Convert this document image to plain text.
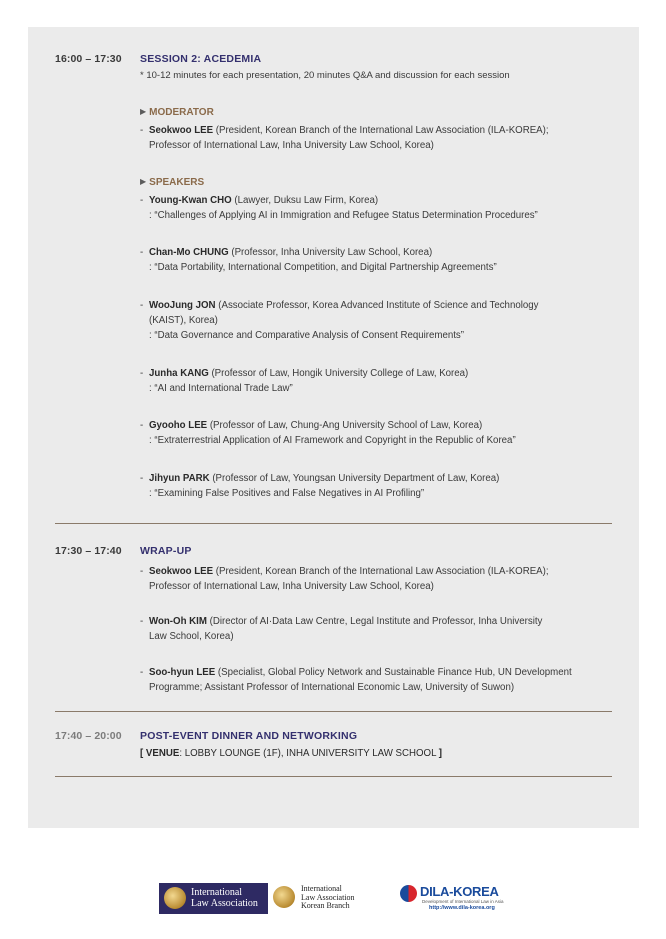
16:00 – 17:30 SESSION 2: ACEDEMIA
* 10-12 minutes for each presentation, 20 minutes Q&A and discussion for each session
▶ MODERATOR
- Seokwoo LEE (President, Korean Branch of the International Law Association (ILA-KOREA);
Professor of International Law, Inha University Law School, Korea)
▶ SPEAKERS
- Young-Kwan CHO (Lawyer, Duksu Law Firm, Korea)
: “Challenges of Applying AI in Immigration and Refugee Status Determination Procedures”
- Chan-Mo CHUNG (Professor, Inha University Law School, Korea)
: “Data Portability, International Competition, and Digital Partnership Agreements”
- WooJung JON (Associate Professor, Korea Advanced Institute of Science and Technology
(KAIST), Korea)
: “Data Governance and Comparative Analysis of Consent Requirements”
- Junha KANG (Professor of Law, Hongik University College of Law, Korea)
: “AI and International Trade Law”
- Gyooho LEE (Professor of Law, Chung-Ang University School of Law, Korea)
: “Extraterrestrial Application of AI Framework and Copyright in the Republic of Korea”
- Jihyun PARK (Professor of Law, Youngsan University Department of Law, Korea)
: “Examining False Positives and False Negatives in AI Profiling”
17:30 – 17:40 WRAP-UP
- Seokwoo LEE (President, Korean Branch of the International Law Association (ILA-KOREA);
Professor of International Law, Inha University Law School, Korea)
- Won-Oh KIM (Director of AI·Data Law Centre, Legal Institute and Professor, Inha University
Law School, Korea)
- Soo-hyun LEE (Specialist, Global Policy Network and Sustainable Finance Hub, UN Development
Programme; Assistant Professor of International Economic Law, University of Suwon)
17:40 – 20:00 POST-EVENT DINNER AND NETWORKING
[ VENUE: LOBBY LOUNGE (1F), INHA UNIVERSITY LAW SCHOOL ]
International
Law Association
International
Law Association
Korean Branch
DILA-KOREA
Development of International Law in Asia
http://www.dila-korea.org
